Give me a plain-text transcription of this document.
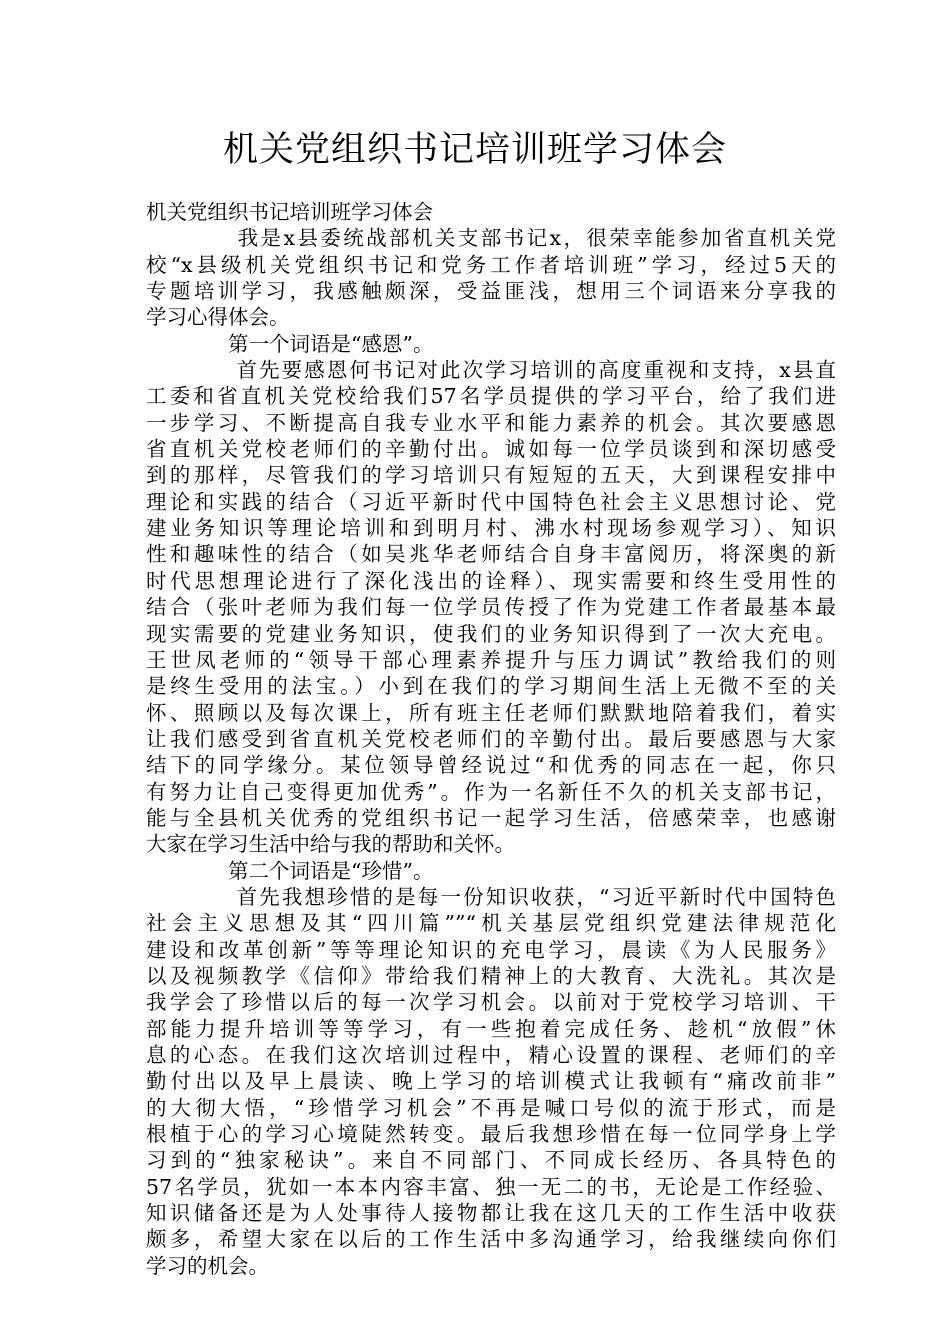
机关党组织书记培训班学习体会
机关党组织书记培训班学习体会
　　　　我是x县委统战部机关支部书记x，很荣幸能参加省直机关党
校“x县级机关党组织书记和党务工作者培训班”学习，经过5天的
专题培训学习，我感触颇深，受益匪浅，想用三个词语来分享我的
学习心得体会。
　　　　第一个词语是“感恩”。
　　　　首先要感恩何书记对此次学习培训的高度重视和支持，x县直
工委和省直机关党校给我们57名学员提供的学习平台，给了我们进
一步学习、不断提高自我专业水平和能力素养的机会。其次要感恩
省直机关党校老师们的辛勤付出。诚如每一位学员谈到和深切感受
到的那样，尽管我们的学习培训只有短短的五天，大到课程安排中
理论和实践的结合（习近平新时代中国特色社会主义思想讨论、党
建业务知识等理论培训和到明月村、沸水村现场参观学习）、知识
性和趣味性的结合（如吴兆华老师结合自身丰富阅历，将深奥的新
时代思想理论进行了深化浅出的诠释）、现实需要和终生受用性的
结合（张叶老师为我们每一位学员传授了作为党建工作者最基本最
现实需要的党建业务知识，使我们的业务知识得到了一次大充电。
王世凤老师的“领导干部心理素养提升与压力调试”教给我们的则
是终生受用的法宝。）小到在我们的学习期间生活上无微不至的关
怀、照顾以及每次课上，所有班主任老师们默默地陪着我们，着实
让我们感受到省直机关党校老师们的辛勤付出。最后要感恩与大家
结下的同学缘分。某位领导曾经说过“和优秀的同志在一起，你只
有努力让自己变得更加优秀”。作为一名新任不久的机关支部书记，
能与全县机关优秀的党组织书记一起学习生活，倍感荣幸，也感谢
大家在学习生活中给与我的帮助和关怀。
　　　　第二个词语是“珍惜”。
　　　　首先我想珍惜的是每一份知识收获，“习近平新时代中国特色
社会主义思想及其“四川篇””“机关基层党组织党建法律规范化
建设和改革创新”等等理论知识的充电学习，晨读《为人民服务》
以及视频教学《信仰》带给我们精神上的大教育、大洗礼。其次是
我学会了珍惜以后的每一次学习机会。以前对于党校学习培训、干
部能力提升培训等等学习，有一些抱着完成任务、趁机“放假”休
息的心态。在我们这次培训过程中，精心设置的课程、老师们的辛
勤付出以及早上晨读、晚上学习的培训模式让我顿有“痛改前非”
的大彻大悟，“珍惜学习机会”不再是喊口号似的流于形式，而是
根植于心的学习心境陡然转变。最后我想珍惜在每一位同学身上学
习到的“独家秘诀”。来自不同部门、不同成长经历、各具特色的
57名学员，犹如一本本内容丰富、独一无二的书，无论是工作经验、
知识储备还是为人处事待人接物都让我在这几天的工作生活中收获
颇多，希望大家在以后的工作生活中多沟通学习，给我继续向你们
学习的机会。
